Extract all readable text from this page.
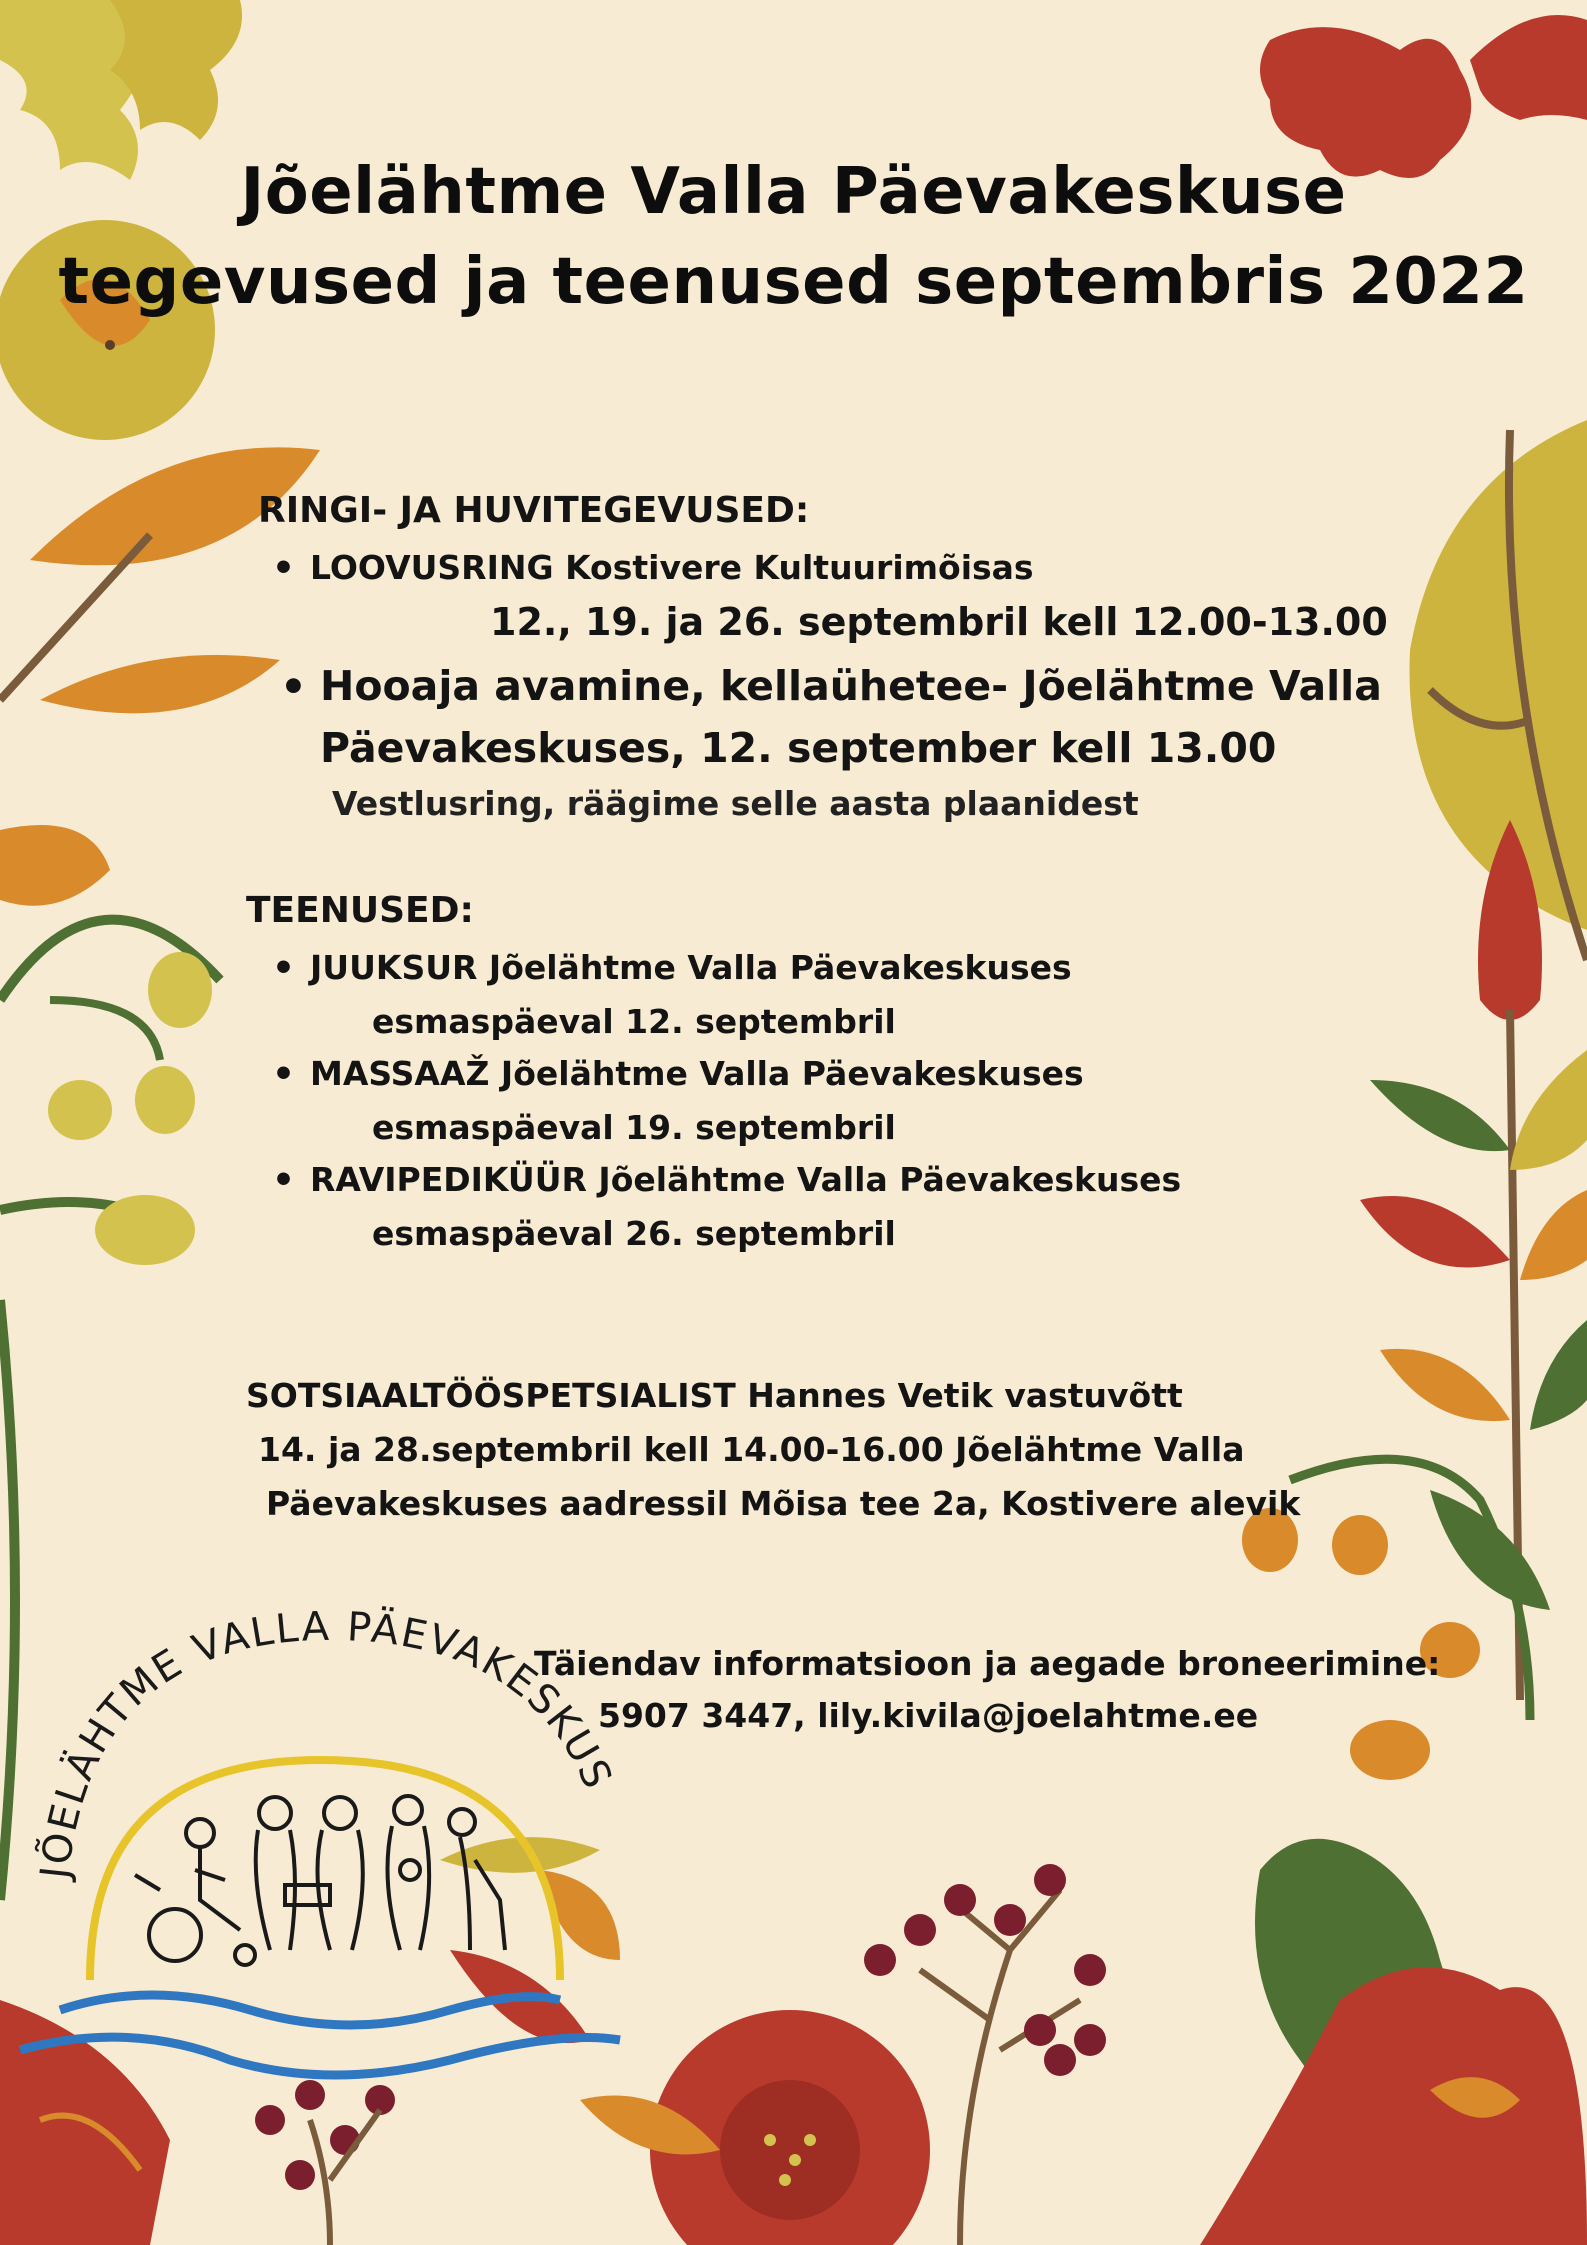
Jõelähtme Valla Päevakeskuse
tegevused ja teenused septembris 2022
RINGI- JA HUVITEGEVUSED:
• LOOVUSRING Kostivere Kultuurimõisas
12., 19. ja 26. septembril kell 12.00-13.00
• Hooaja avamine, kellaühetee- Jõelähtme Valla
Päevakeskuses, 12. september kell 13.00
Vestlusring, räägime selle aasta plaanidest
TEENUSED:
• JUUKSUR Jõelähtme Valla Päevakeskuses
esmaspäeval 12. septembril
• MASSAAŽ Jõelähtme Valla Päevakeskuses
esmaspäeval 19. septembril
• RAVIPEDIKÜÜR Jõelähtme Valla Päevakeskuses
esmaspäeval 26. septembril
SOTSIAALTÖÖSPETSIALIST Hannes Vetik vastuvõtt
14. ja 28.septembril kell 14.00-16.00 Jõelähtme Valla
Päevakeskuses aadressil Mõisa tee 2a, Kostivere alevik
Täiendav informatsioon ja aegade broneerimine:
5907 3447, lily.kivila@joelahtme.ee
JÕELÄHTME VALLA PÄEVAKESKUS
